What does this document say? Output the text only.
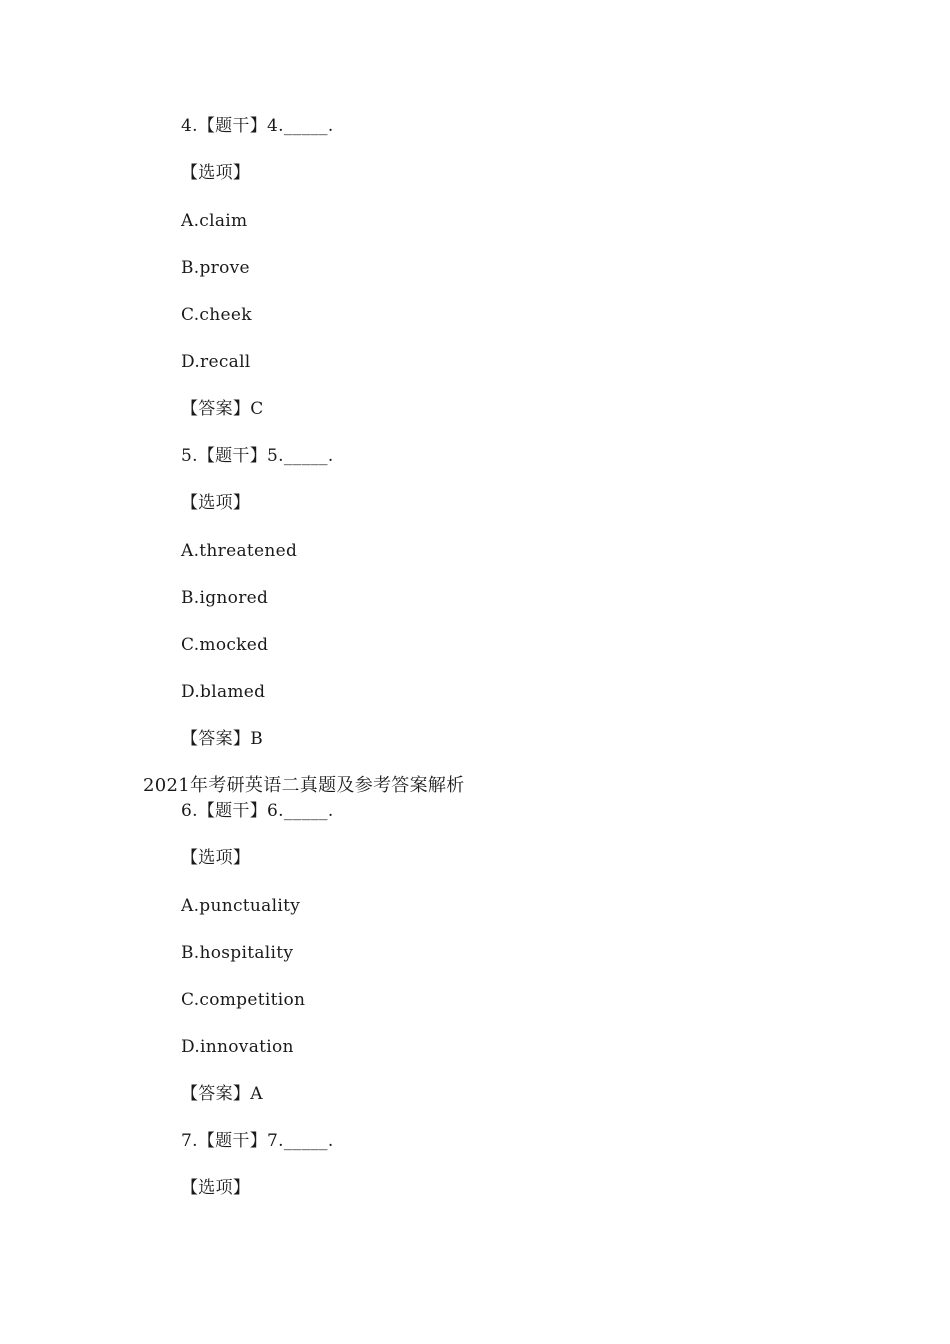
4.【题干】4._____.
【选项】
A.claim
B.prove
C.cheek
D.recall
【答案】C
5.【题干】5._____.
【选项】
A.threatened
B.ignored
C.mocked
D.blamed
【答案】B
2021年考研英语二真题及参考答案解析
6.【题干】6._____.
【选项】
A.punctuality
B.hospitality
C.competition
D.innovation
【答案】A
7.【题干】7._____.
【选项】
